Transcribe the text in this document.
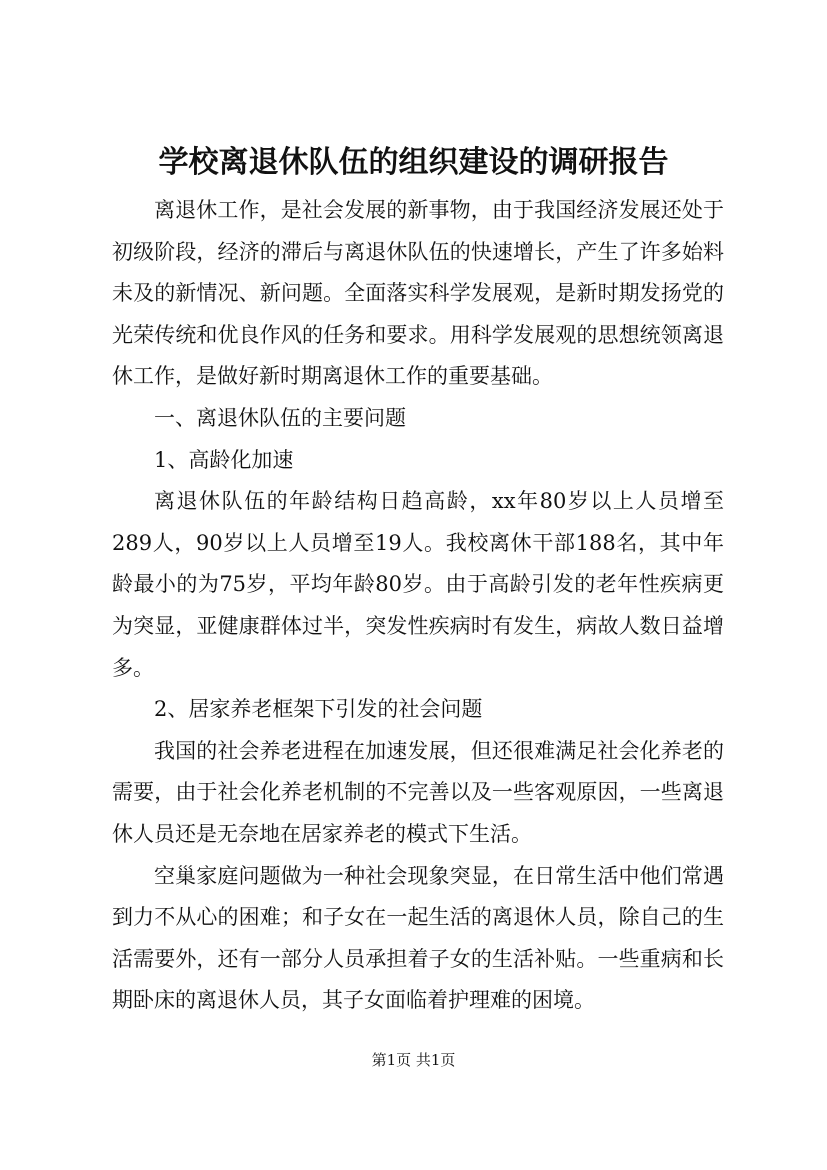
学校离退休队伍的组织建设的调研报告

离退休工作，是社会发展的新事物，由于我国经济发展还处于初级阶段，经济的滞后与离退休队伍的快速增长，产生了许多始料未及的新情况、新问题。全面落实科学发展观，是新时期发扬党的光荣传统和优良作风的任务和要求。用科学发展观的思想统领离退休工作，是做好新时期离退休工作的重要基础。

一、离退休队伍的主要问题

1、高龄化加速

离退休队伍的年龄结构日趋高龄，xx年80岁以上人员增至289人，90岁以上人员增至19人。我校离休干部188名，其中年龄最小的为75岁，平均年龄80岁。由于高龄引发的老年性疾病更为突显，亚健康群体过半，突发性疾病时有发生，病故人数日益增多。

2、居家养老框架下引发的社会问题

我国的社会养老进程在加速发展，但还很难满足社会化养老的需要，由于社会化养老机制的不完善以及一些客观原因，一些离退休人员还是无奈地在居家养老的模式下生活。

空巢家庭问题做为一种社会现象突显，在日常生活中他们常遇到力不从心的困难；和子女在一起生活的离退休人员，除自己的生活需要外，还有一部分人员承担着子女的生活补贴。一些重病和长期卧床的离退休人员，其子女面临着护理难的困境。

第1页 共1页
